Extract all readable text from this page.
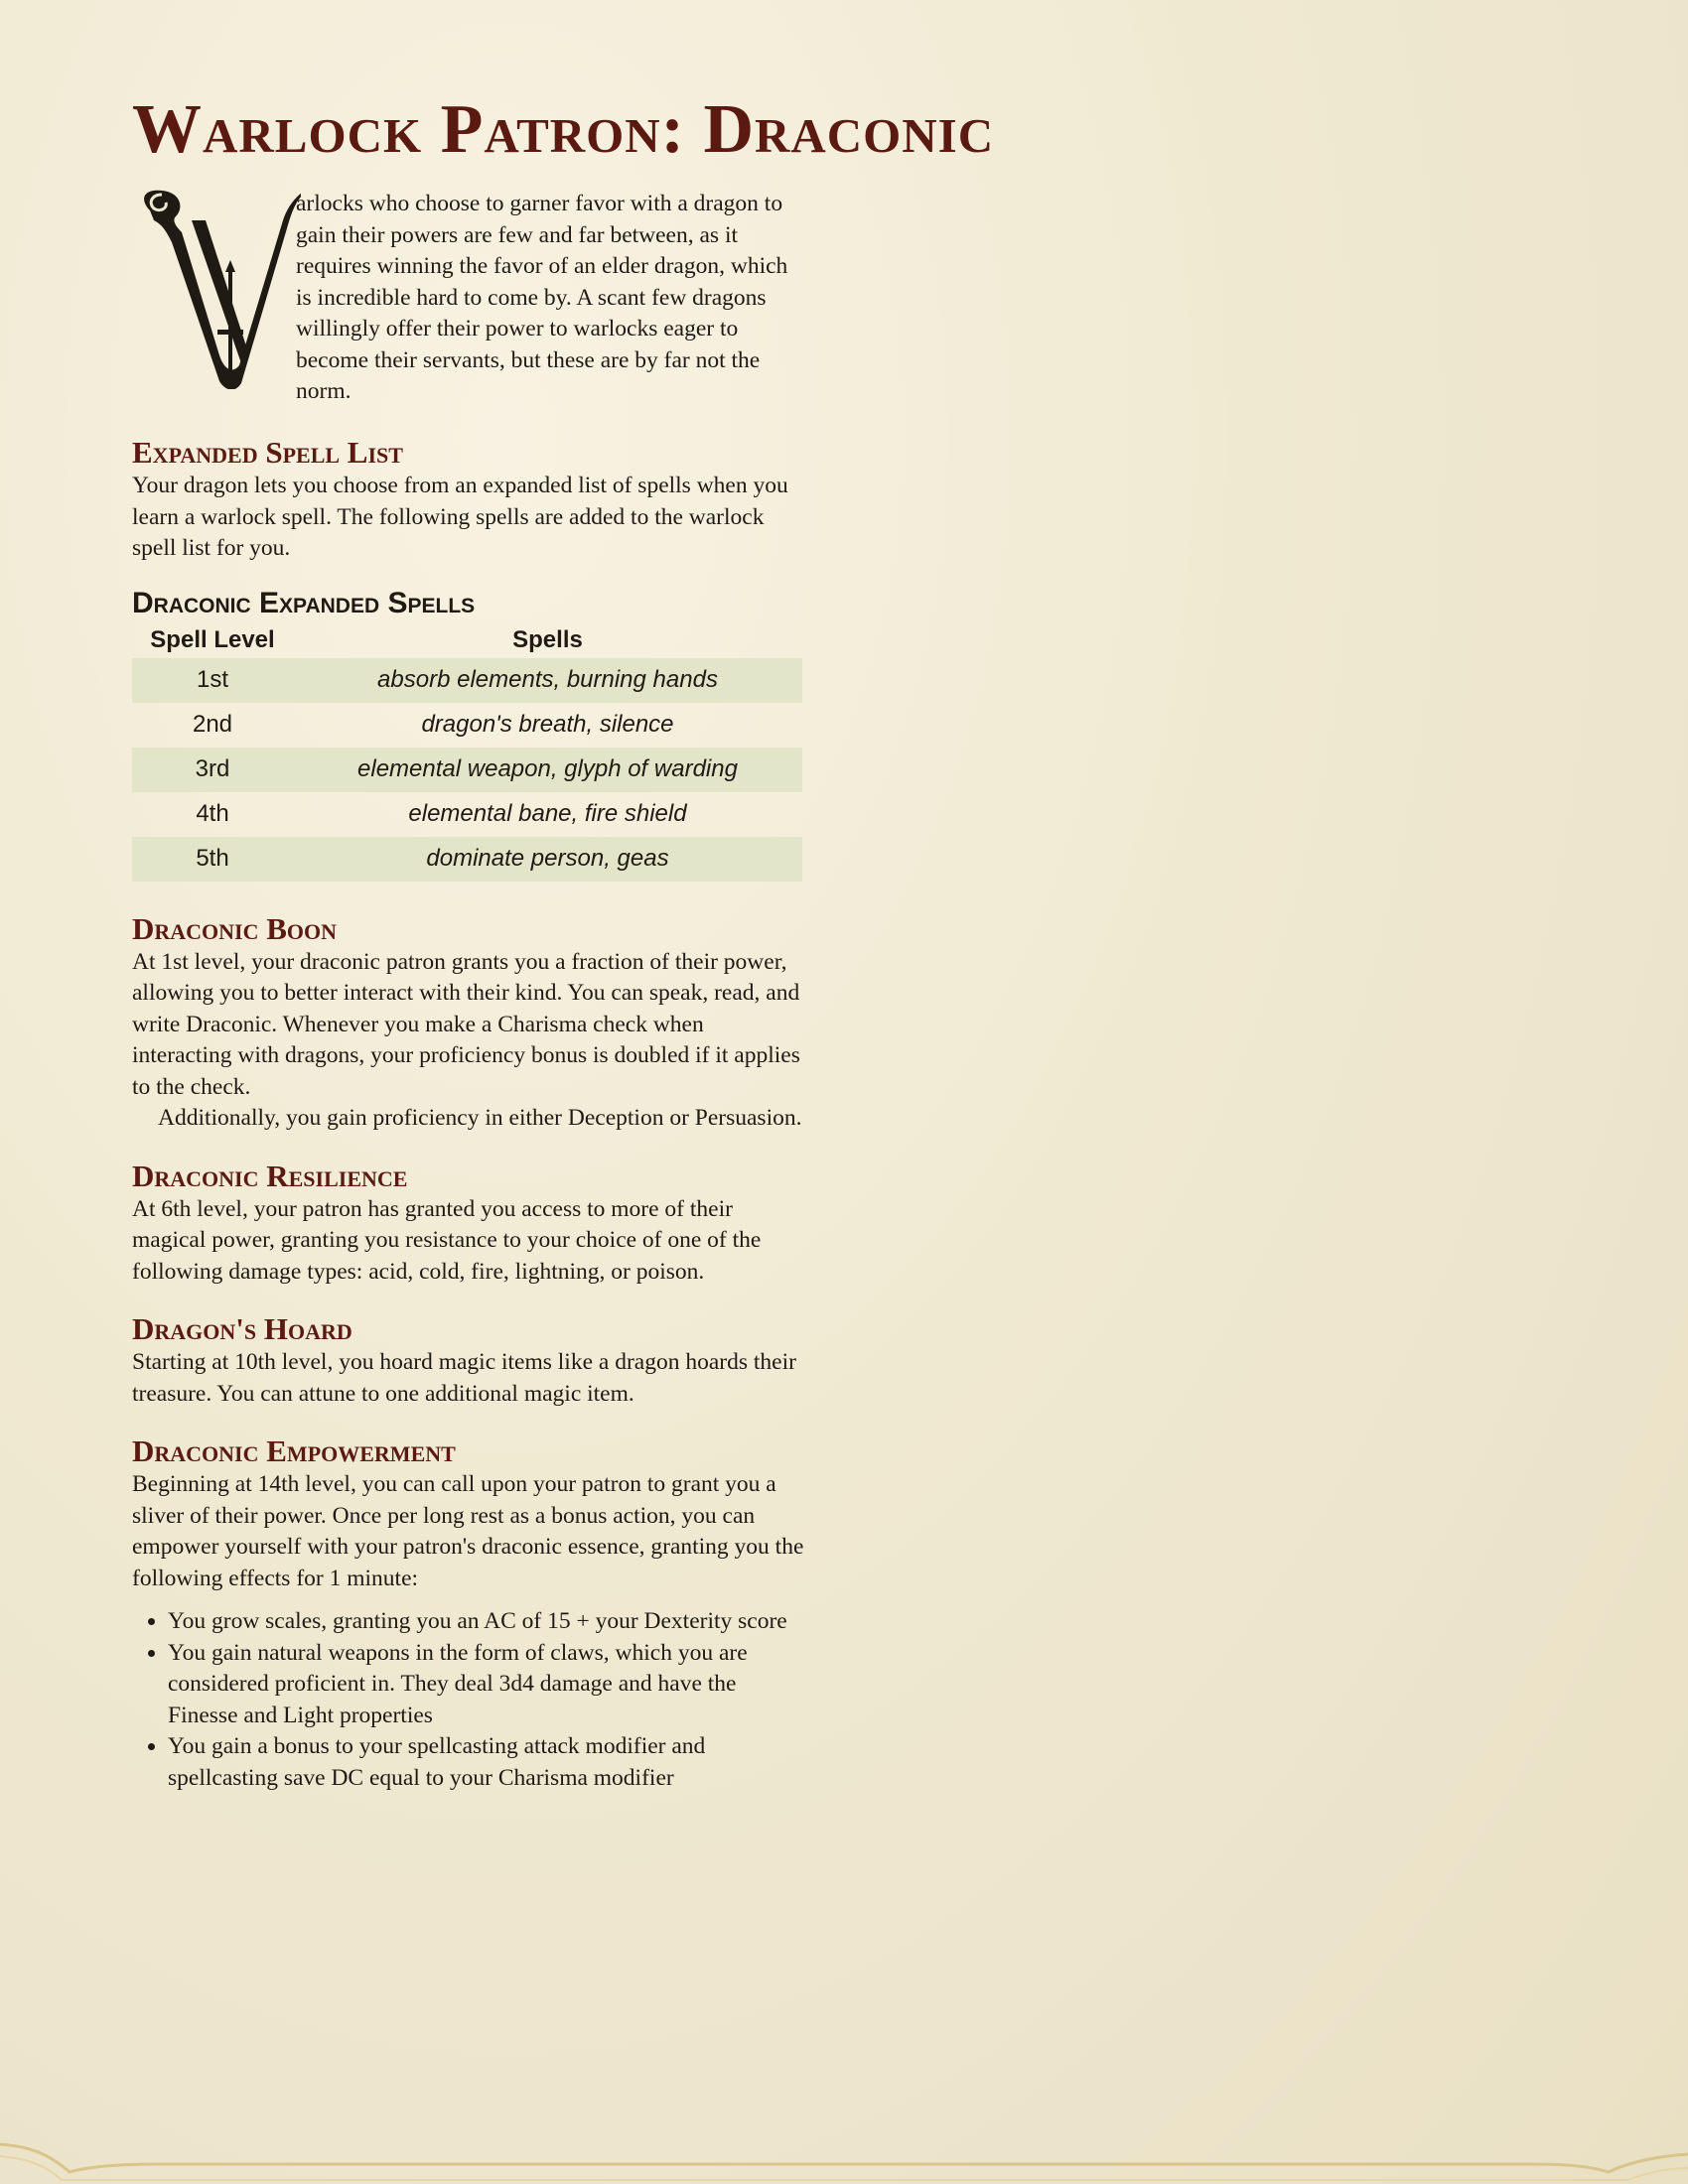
Warlock Patron: Draconic
arlocks who choose to garner favor with a dragon to gain their powers are few and far between, as it requires winning the favor of an elder dragon, which is incredible hard to come by. A scant few dragons willingly offer their power to warlocks eager to become their servants, but these are by far not the norm.
Expanded Spell List

Your dragon lets you choose from an expanded list of spells when you learn a warlock spell. The following spells are added to the warlock spell list for you.

Draconic Expanded Spells
Spell Level	Spells
1st	absorb elements, burning hands
2nd	dragon's breath, silence
3rd	elemental weapon, glyph of warding
4th	elemental bane, fire shield
5th	dominate person, geas
Draconic Boon

At 1st level, your draconic patron grants you a fraction of their power, allowing you to better interact with their kind. You can speak, read, and write Draconic. Whenever you make a Charisma check when interacting with dragons, your proficiency bonus is doubled if it applies to the check.

Additionally, you gain proficiency in either Deception or Persuasion.

Draconic Resilience

At 6th level, your patron has granted you access to more of their magical power, granting you resistance to your choice of one of the following damage types: acid, cold, fire, lightning, or poison.

Dragon's Hoard

Starting at 10th level, you hoard magic items like a dragon hoards their treasure. You can attune to one additional magic item.

Draconic Empowerment

Beginning at 14th level, you can call upon your patron to grant you a sliver of their power. Once per long rest as a bonus action, you can empower yourself with your patron's draconic essence, granting you the following effects for 1 minute:

• You grow scales, granting you an AC of 15 + your Dexterity score
• You gain natural weapons in the form of claws, which you are considered proficient in. They deal 3d4 damage and have the Finesse and Light properties
• You gain a bonus to your spellcasting attack modifier and spellcasting save DC equal to your Charisma modifier
